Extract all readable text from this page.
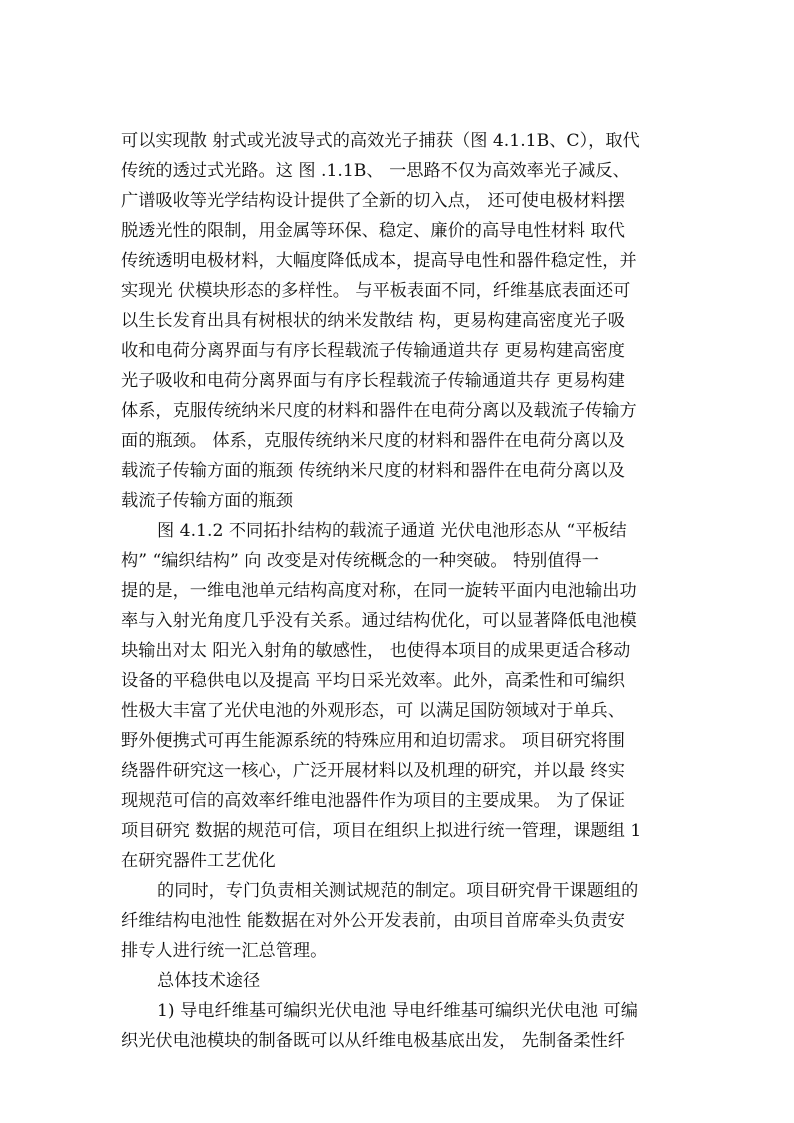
可以实现散 射式或光波导式的高效光子捕获（图 4.1.1B、C），取代
传统的透过式光路。这 图 .1.1B、 一思路不仅为高效率光子减反、
广谱吸收等光学结构设计提供了全新的切入点， 还可使电极材料摆
脱透光性的限制，用金属等环保、稳定、廉价的高导电性材料 取代
传统透明电极材料，大幅度降低成本，提高导电性和器件稳定性，并
实现光 伏模块形态的多样性。 与平板表面不同，纤维基底表面还可
以生长发育出具有树根状的纳米发散结 构，更易构建高密度光子吸
收和电荷分离界面与有序长程载流子传输通道共存 更易构建高密度
光子吸收和电荷分离界面与有序长程载流子传输通道共存 更易构建
体系，克服传统纳米尺度的材料和器件在电荷分离以及载流子传输方
面的瓶颈。 体系，克服传统纳米尺度的材料和器件在电荷分离以及
载流子传输方面的瓶颈 传统纳米尺度的材料和器件在电荷分离以及
载流子传输方面的瓶颈
图 4.1.2 不同拓扑结构的载流子通道 光伏电池形态从 “平板结
构” “编织结构” 向 改变是对传统概念的一种突破。 特别值得一
提的是，一维电池单元结构高度对称，在同一旋转平面内电池输出功
率与入射光角度几乎没有关系。通过结构优化，可以显著降低电池模
块输出对太 阳光入射角的敏感性， 也使得本项目的成果更适合移动
设备的平稳供电以及提高 平均日采光效率。此外，高柔性和可编织
性极大丰富了光伏电池的外观形态，可 以满足国防领域对于单兵、
野外便携式可再生能源系统的特殊应用和迫切需求。 项目研究将围
绕器件研究这一核心，广泛开展材料以及机理的研究，并以最 终实
现规范可信的高效率纤维电池器件作为项目的主要成果。 为了保证
项目研究 数据的规范可信，项目在组织上拟进行统一管理，课题组 1
在研究器件工艺优化
的同时，专门负责相关测试规范的制定。项目研究骨干课题组的
纤维结构电池性 能数据在对外公开发表前，由项目首席牵头负责安
排专人进行统一汇总管理。
总体技术途径
1) 导电纤维基可编织光伏电池 导电纤维基可编织光伏电池 可编
织光伏电池模块的制备既可以从纤维电极基底出发， 先制备柔性纤
